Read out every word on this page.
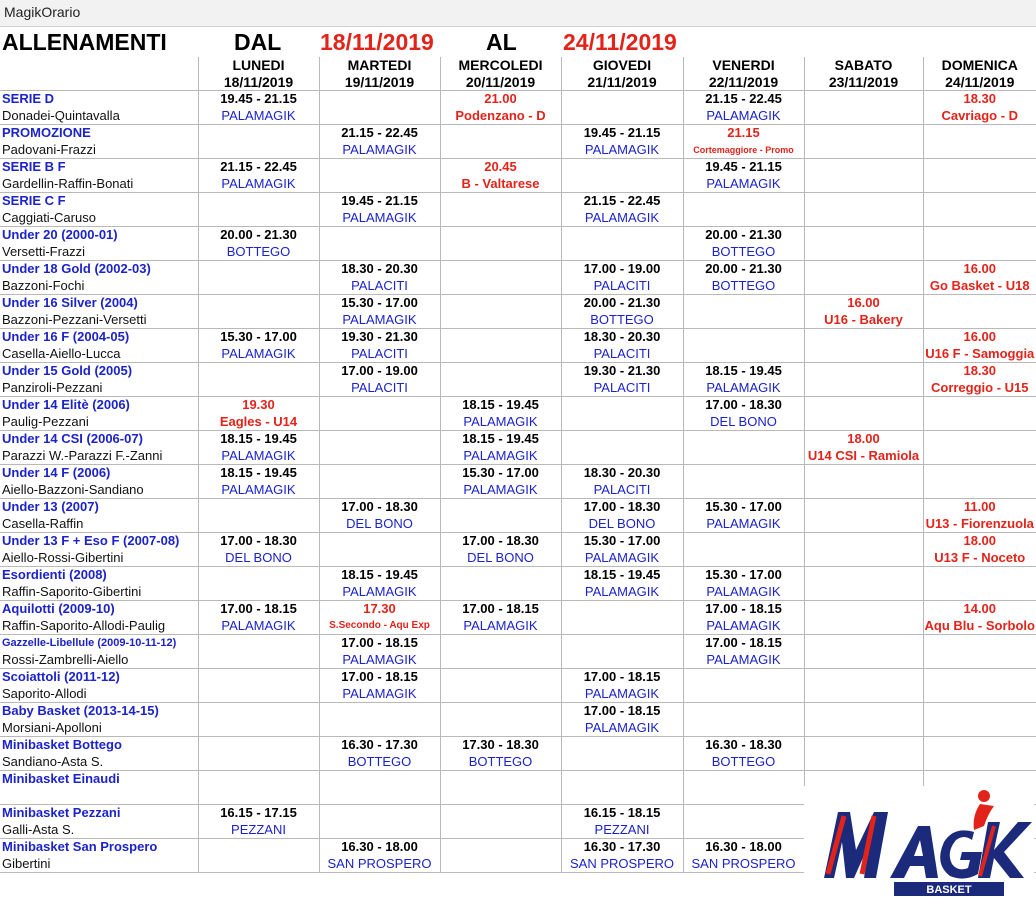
MagikOrario
ALLENAMENTI	DAL 18/11/2019 AL 24/11/2019
	LUNEDI	MARTEDI	MERCOLEDI	GIOVEDI	VENERDI	SABATO	DOMENICA
	18/11/2019	19/11/2019	20/11/2019	21/11/2019	22/11/2019	23/11/2019	24/11/2019
SERIE D	19.45 - 21.15		21.00		21.15 - 22.45		18.30
Donadei-Quintavalla	PALAMAGIK		Podenzano - D		PALAMAGIK		Cavriago - D
PROMOZIONE		21.15 - 22.45		19.45 - 21.15	21.15		
Padovani-Frazzi		PALAMAGIK		PALAMAGIK	Cortemaggiore - Promo		
SERIE B F	21.15 - 22.45		20.45		19.45 - 21.15		
Gardellin-Raffin-Bonati	PALAMAGIK		B - Valtarese		PALAMAGIK		
SERIE C F		19.45 - 21.15		21.15 - 22.45			
Caggiati-Caruso		PALAMAGIK		PALAMAGIK			
Under 20 (2000-01)	20.00 - 21.30				20.00 - 21.30		
Versetti-Frazzi	BOTTEGO				BOTTEGO		
Under 18 Gold (2002-03)		18.30 - 20.30		17.00 - 19.00	20.00 - 21.30		16.00
Bazzoni-Fochi		PALACITI		PALACITI	BOTTEGO		Go Basket - U18
Under 16 Silver (2004)		15.30 - 17.00		20.00 - 21.30		16.00	
Bazzoni-Pezzani-Versetti		PALAMAGIK		BOTTEGO		U16 - Bakery	
Under 16 F (2004-05)	15.30 - 17.00	19.30 - 21.30		18.30 - 20.30			16.00
Casella-Aiello-Lucca	PALAMAGIK	PALACITI		PALACITI			U16 F - Samoggia
Under 15 Gold (2005)		17.00 - 19.00		19.30 - 21.30	18.15 - 19.45		18.30
Panziroli-Pezzani		PALACITI		PALACITI	PALAMAGIK		Correggio - U15
Under 14 Elitè (2006)	19.30		18.15 - 19.45		17.00 - 18.30		
Paulig-Pezzani	Eagles - U14		PALAMAGIK		DEL BONO		
Under 14 CSI (2006-07)	18.15 - 19.45		18.15 - 19.45			18.00	
Parazzi W.-Parazzi F.-Zanni	PALAMAGIK		PALAMAGIK			U14 CSI - Ramiola	
Under 14 F (2006)	18.15 - 19.45		15.30 - 17.00	18.30 - 20.30			
Aiello-Bazzoni-Sandiano	PALAMAGIK		PALAMAGIK	PALACITI			
Under 13 (2007)		17.00 - 18.30		17.00 - 18.30	15.30 - 17.00		11.00
Casella-Raffin		DEL BONO		DEL BONO	PALAMAGIK		U13 - Fiorenzuola
Under 13 F + Eso F (2007-08)	17.00 - 18.30		17.00 - 18.30	15.30 - 17.00			18.00
Aiello-Rossi-Gibertini	DEL BONO		DEL BONO	PALAMAGIK			U13 F - Noceto
Esordienti (2008)		18.15 - 19.45		18.15 - 19.45	15.30 - 17.00		
Raffin-Saporito-Gibertini		PALAMAGIK		PALAMAGIK	PALAMAGIK		
Aquilotti (2009-10)	17.00 - 18.15	17.30	17.00 - 18.15		17.00 - 18.15		14.00
Raffin-Saporito-Allodi-Paulig	PALAMAGIK	S.Secondo - Aqu Exp	PALAMAGIK		PALAMAGIK		Aqu Blu - Sorbolo
Gazzelle-Libellule (2009-10-11-12)		17.00 - 18.15			17.00 - 18.15		
Rossi-Zambrelli-Aiello		PALAMAGIK			PALAMAGIK		
Scoiattoli (2011-12)		17.00 - 18.15		17.00 - 18.15			
Saporito-Allodi		PALAMAGIK		PALAMAGIK			
Baby Basket (2013-14-15)				17.00 - 18.15			
Morsiani-Apolloni				PALAMAGIK			
Minibasket Bottego		16.30 - 17.30	17.30 - 18.30		16.30 - 18.30		
Sandiano-Asta S.		BOTTEGO	BOTTEGO		BOTTEGO		
Minibasket Einaudi							

Minibasket Pezzani	16.15 - 17.15			16.15 - 18.15			
Galli-Asta S.	PEZZANI			PEZZANI			
Minibasket San Prospero		16.30 - 18.00		16.30 - 17.30	16.30 - 18.00		
Gibertini		SAN PROSPERO		SAN PROSPERO	SAN PROSPERO		
BASKET
